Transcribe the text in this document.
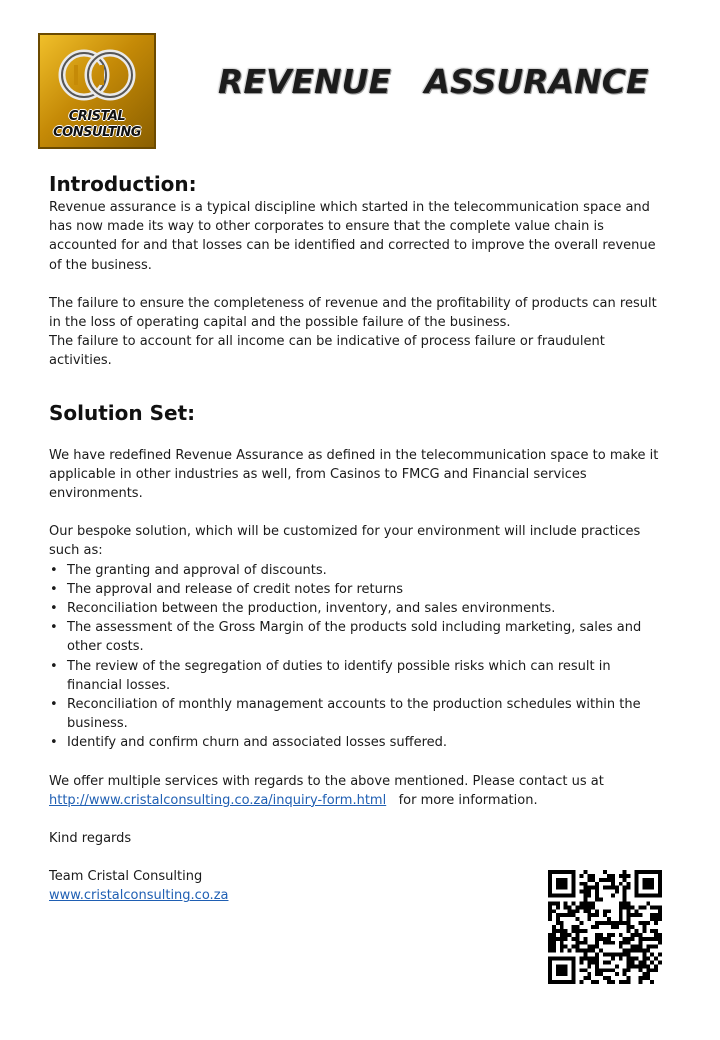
CRISTAL
CONSULTING
REVENUE ASSURANCE
Introduction:

Revenue assurance is a typical discipline which started in the telecommunication space and has now made its way to other corporates to ensure that the complete value chain is accounted for and that losses can be identified and corrected to improve the overall revenue of the business.

The failure to ensure the completeness of revenue and the profitability of products can result in the loss of operating capital and the possible failure of the business.

The failure to account for all income can be indicative of process failure or fraudulent activities.

Solution Set:

We have redefined Revenue Assurance as defined in the telecommunication space to make it applicable in other industries as well, from Casinos to FMCG and Financial services environments.

Our bespoke solution, which will be customized for your environment will include practices such as:

• The granting and approval of discounts.
• The approval and release of credit notes for returns
• Reconciliation between the production, inventory, and sales environments.
• The assessment of the Gross Margin of the products sold including marketing, sales and other costs.
• The review of the segregation of duties to identify possible risks which can result in financial losses.
• Reconciliation of monthly management accounts to the production schedules within the business.
• Identify and confirm churn and associated losses suffered.

We offer multiple services with regards to the above mentioned. Please contact us at
http://www.cristalconsulting.co.za/inquiry-form.html for more information.

Kind regards

Team Cristal Consulting

www.cristalconsulting.co.za
